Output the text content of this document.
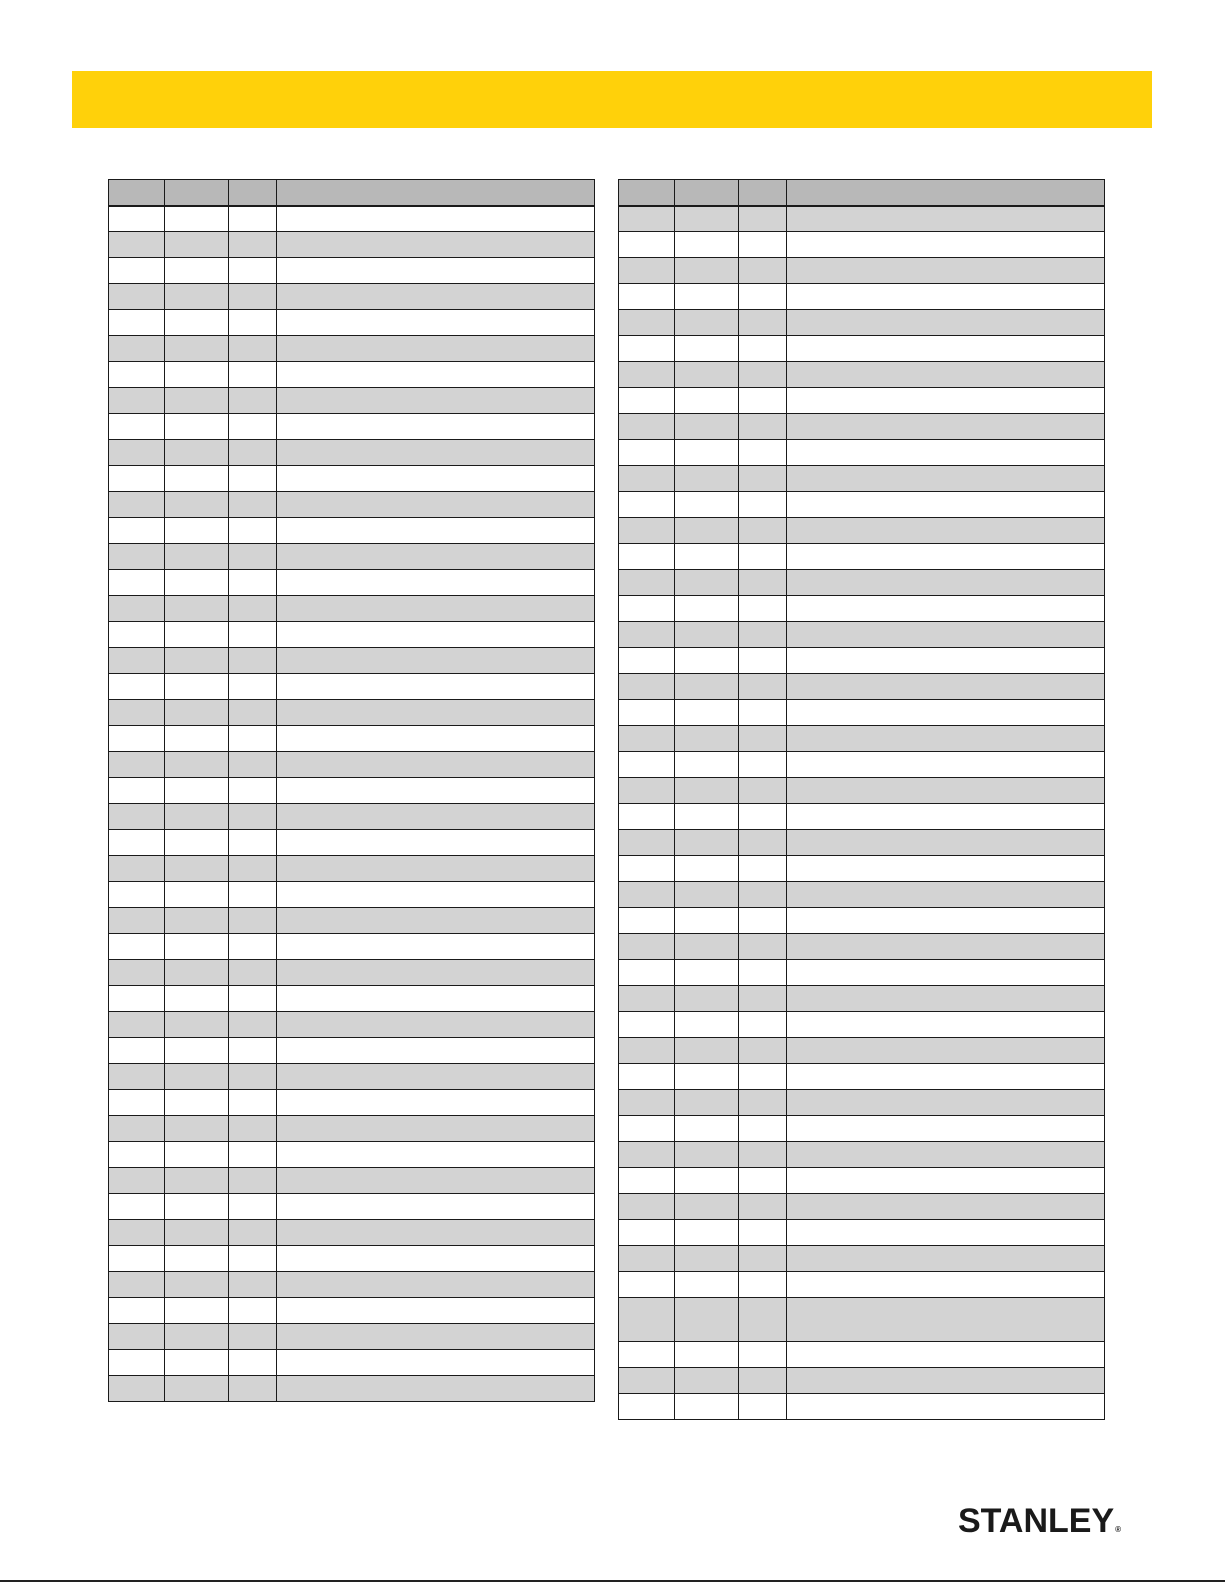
STANLEY®
